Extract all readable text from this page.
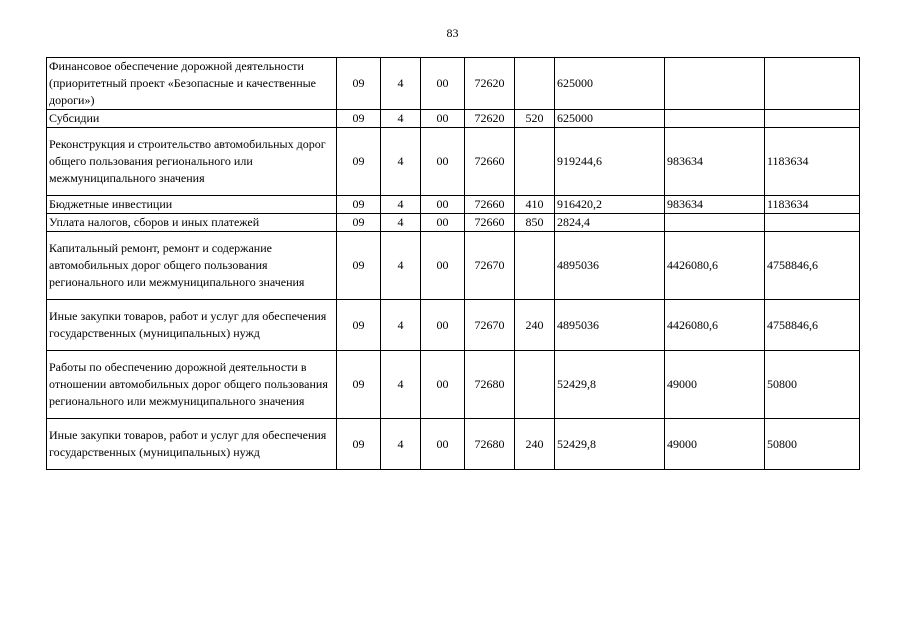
83
Финансовое обеспечение дорожной деятельности (приоритетный проект «Безопасные и качественные дороги»)	09	4	00	72620		625000		
Субсидии	09	4	00	72620	520	625000		
Реконструкция и строительство автомобильных дорог общего пользования регионального или межмуниципального значения	09	4	00	72660		919244,6	983634	1183634
Бюджетные инвестиции	09	4	00	72660	410	916420,2	983634	1183634
Уплата налогов, сборов и иных платежей	09	4	00	72660	850	2824,4		
Капитальный ремонт, ремонт и содержание автомобильных дорог общего пользования регионального или межмуниципального значения	09	4	00	72670		4895036	4426080,6	4758846,6
Иные закупки товаров, работ и услуг для обеспечения государственных (муниципальных) нужд	09	4	00	72670	240	4895036	4426080,6	4758846,6
Работы по обеспечению дорожной деятельности в отношении автомобильных дорог общего пользования регионального или межмуниципального значения	09	4	00	72680		52429,8	49000	50800
Иные закупки товаров, работ и услуг для обеспечения государственных (муниципальных) нужд	09	4	00	72680	240	52429,8	49000	50800
